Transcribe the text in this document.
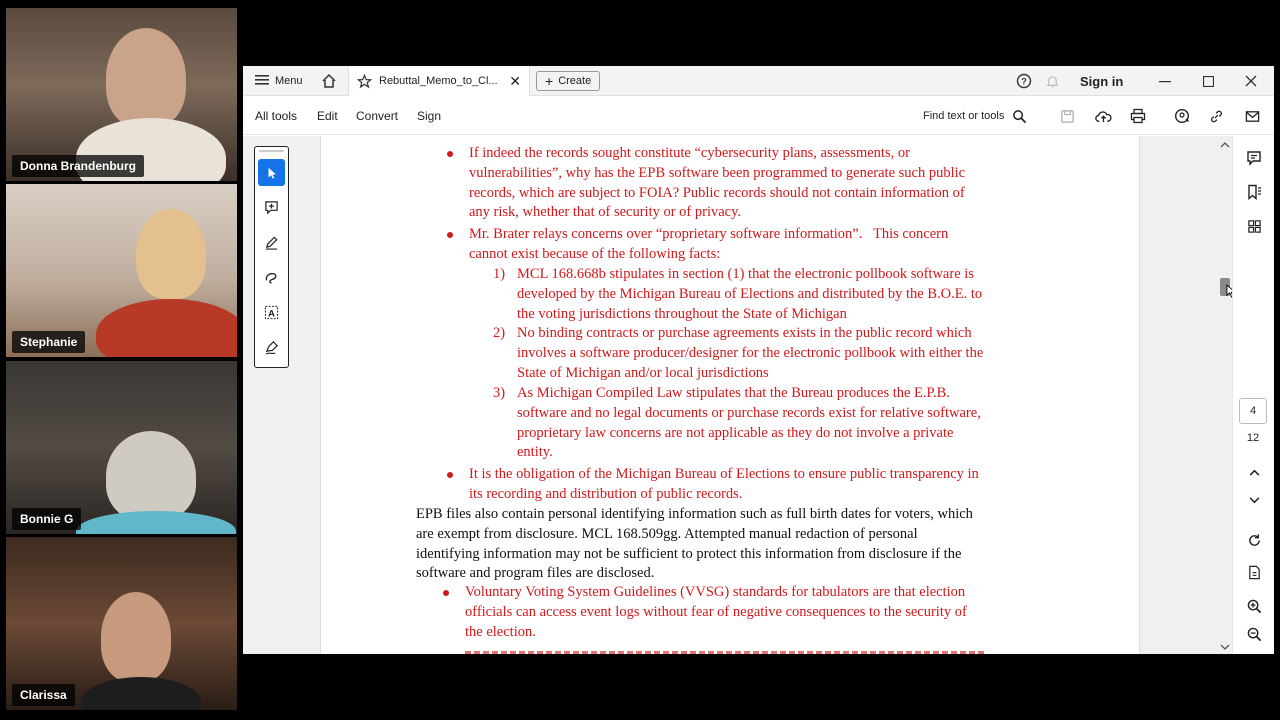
Donna Brandenburg
Stephanie
Bonnie G
Clarissa
Menu	Rebuttal_Memo_to_Cl... ✕ + Create	?	Sign in
All tools Edit Convert Sign	Find text or tools
A
If indeed the records sought constitute “cybersecurity plans, assessments, or
vulnerabilities”, why has the EPB software been programmed to generate such public
records, which are subject to FOIA? Public records should not contain information of
any risk, whether that of security or of privacy.
Mr. Brater relays concerns over “proprietary software information”.   This concern
cannot exist because of the following facts:
1) MCL 168.668b stipulates in section (1) that the electronic pollbook software is
developed by the Michigan Bureau of Elections and distributed by the B.O.E. to
the voting jurisdictions throughout the State of Michigan
2) No binding contracts or purchase agreements exists in the public record which
involves a software producer/designer for the electronic pollbook with either the
State of Michigan and/or local jurisdictions
3) As Michigan Compiled Law stipulates that the Bureau produces the E.P.B.
software and no legal documents or purchase records exist for relative software,
proprietary law concerns are not applicable as they do not involve a private
entity.
It is the obligation of the Michigan Bureau of Elections to ensure public transparency in
its recording and distribution of public records.
EPB files also contain personal identifying information such as full birth dates for voters, which
are exempt from disclosure. MCL 168.509gg. Attempted manual redaction of personal
identifying information may not be sufficient to protect this information from disclosure if the
software and program files are disclosed.
Voluntary Voting System Guidelines (VVSG) standards for tabulators are that election
officials can access event logs without fear of negative consequences to the security of
the election.
4
12
